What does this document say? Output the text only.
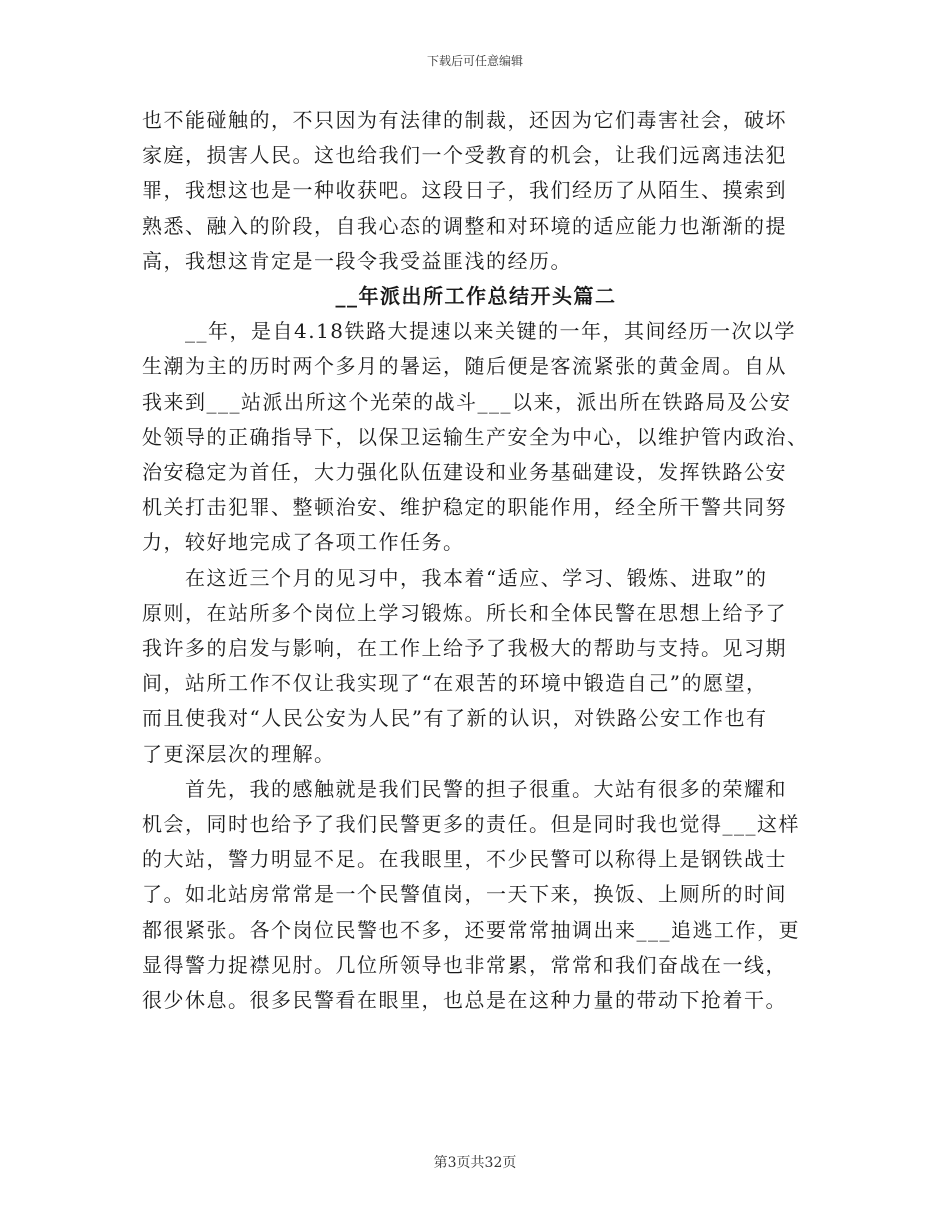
下载后可任意编辑
也不能碰触的，不只因为有法律的制裁，还因为它们毒害社会，破坏
家庭，损害人民。这也给我们一个受教育的机会，让我们远离违法犯
罪，我想这也是一种收获吧。这段日子，我们经历了从陌生、摸索到
熟悉、融入的阶段，自我心态的调整和对环境的适应能力也渐渐的提
高，我想这肯定是一段令我受益匪浅的经历。
__年派出所工作总结开头篇二
　　__年，是自4.18铁路大提速以来关键的一年，其间经历一次以学
生潮为主的历时两个多月的暑运，随后便是客流紧张的黄金周。自从
我来到___站派出所这个光荣的战斗___以来，派出所在铁路局及公安
处领导的正确指导下，以保卫运输生产安全为中心，以维护管内政治、
治安稳定为首任，大力强化队伍建设和业务基础建设，发挥铁路公安
机关打击犯罪、整顿治安、维护稳定的职能作用，经全所干警共同努
力，较好地完成了各项工作任务。
　　在这近三个月的见习中，我本着“适应、学习、锻炼、进取”的
原则，在站所多个岗位上学习锻炼。所长和全体民警在思想上给予了
我许多的启发与影响，在工作上给予了我极大的帮助与支持。见习期
间，站所工作不仅让我实现了“在艰苦的环境中锻造自己”的愿望，
而且使我对“人民公安为人民”有了新的认识，对铁路公安工作也有
了更深层次的理解。
　　首先，我的感触就是我们民警的担子很重。大站有很多的荣耀和
机会，同时也给予了我们民警更多的责任。但是同时我也觉得___这样
的大站，警力明显不足。在我眼里，不少民警可以称得上是钢铁战士
了。如北站房常常是一个民警值岗，一天下来，换饭、上厕所的时间
都很紧张。各个岗位民警也不多，还要常常抽调出来___追逃工作，更
显得警力捉襟见肘。几位所领导也非常累，常常和我们奋战在一线，
很少休息。很多民警看在眼里，也总是在这种力量的带动下抢着干。
第3页共32页
